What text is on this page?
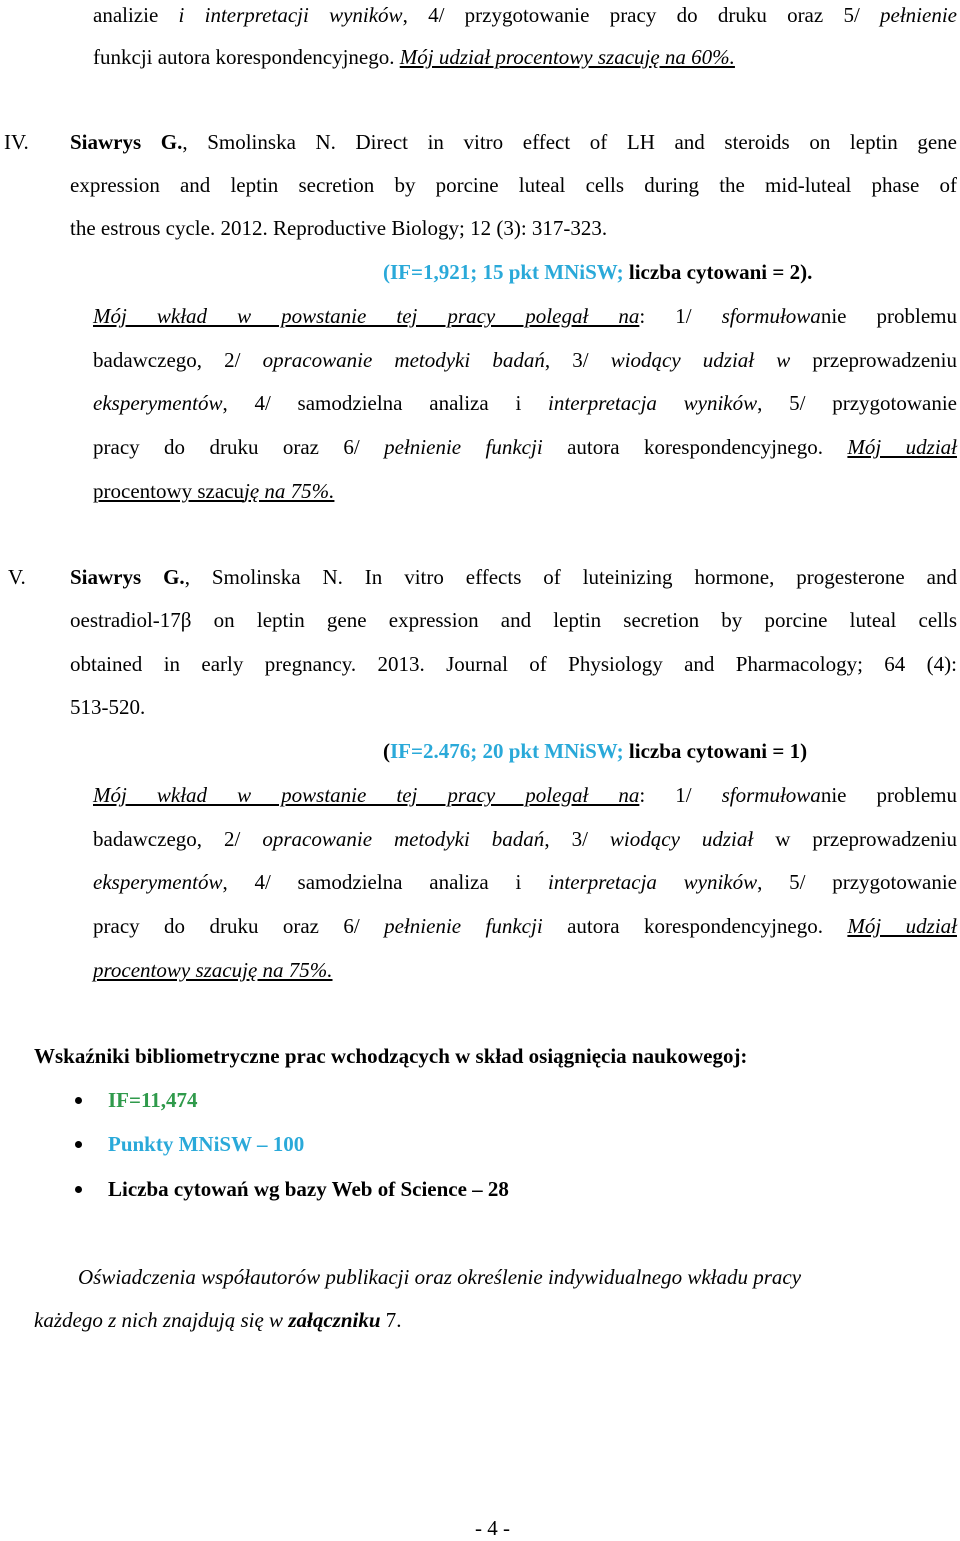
analizie i interpretacji wyników, 4/ przygotowanie pracy do druku oraz 5/ pełnienie
funkcji autora korespondencyjnego. Mój udział procentowy szacuję na 60%.
IV. Siawrys G., Smolinska N. Direct in vitro effect of LH and steroids on leptin gene
expression and leptin secretion by porcine luteal cells during the mid-luteal phase of
the estrous cycle. 2012. Reproductive Biology; 12 (3): 317-323.
(IF=1,921; 15 pkt MNiSW; liczba cytowani = 2).
Mój wkład w powstanie tej pracy polegał na: 1/ sformułowanie problemu
badawczego, 2/ opracowanie metodyki badań, 3/ wiodący udział w przeprowadzeniu
eksperymentów, 4/ samodzielna analiza i interpretacja wyników, 5/ przygotowanie
pracy do druku oraz 6/ pełnienie funkcji autora korespondencyjnego. Mój udział
procentowy szacuję na 75%.
V. Siawrys G., Smolinska N. In vitro effects of luteinizing hormone, progesterone and
oestradiol-17β on leptin gene expression and leptin secretion by porcine luteal cells
obtained in early pregnancy. 2013. Journal of Physiology and Pharmacology; 64 (4):
513-520.
(IF=2.476; 20 pkt MNiSW; liczba cytowani = 1)
Mój wkład w powstanie tej pracy polegał na: 1/ sformułowanie problemu
badawczego, 2/ opracowanie metodyki badań, 3/ wiodący udział w przeprowadzeniu
eksperymentów, 4/ samodzielna analiza i interpretacja wyników, 5/ przygotowanie
pracy do druku oraz 6/ pełnienie funkcji autora korespondencyjnego. Mój udział
procentowy szacuję na 75%.
Wskaźniki bibliometryczne prac wchodzących w skład osiągnięcia naukowegoj:
IF=11,474
Punkty MNiSW – 100
Liczba cytowań wg bazy Web of Science – 28
Oświadczenia współautorów publikacji oraz określenie indywidualnego wkładu pracy
każdego z nich znajdują się w załączniku 7.
- 4 -
